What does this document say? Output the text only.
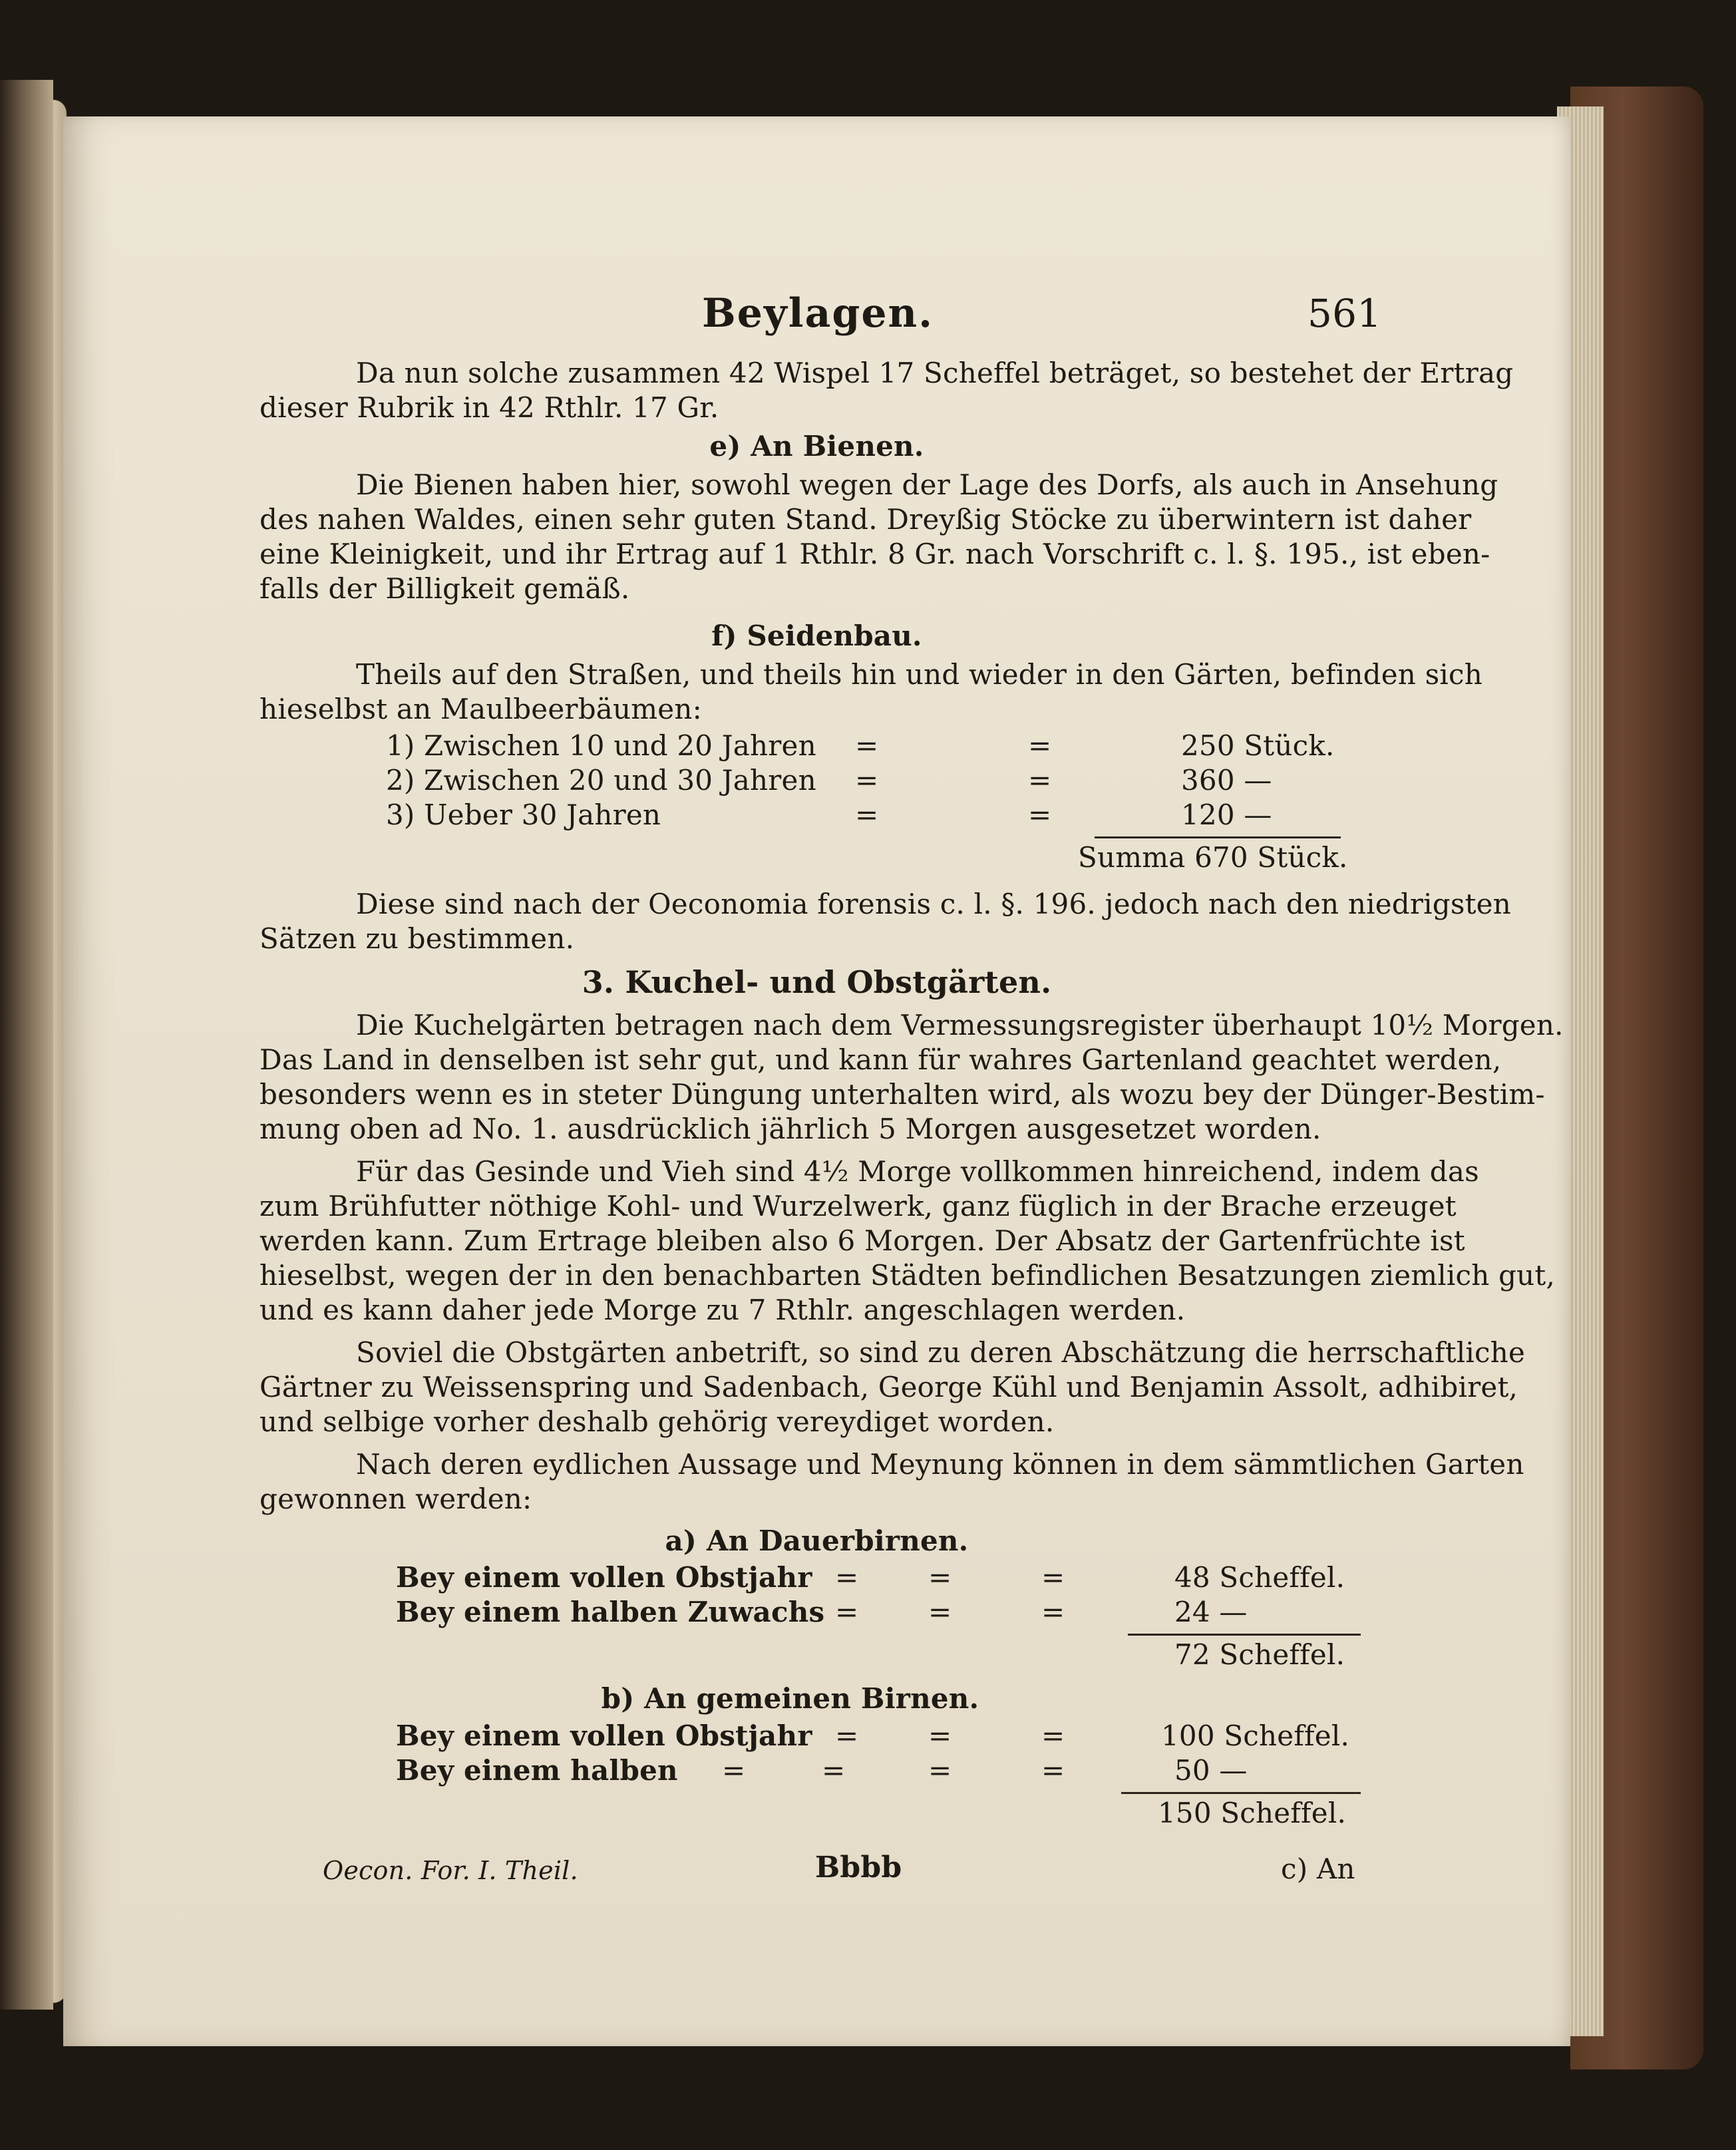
Beylagen.	561
Da nun solche zusammen 42 Wispel 17 Scheffel beträget, so bestehet der Ertrag
dieser Rubrik in 42 Rthlr. 17 Gr.
e) An Bienen.
Die Bienen haben hier, sowohl wegen der Lage des Dorfs, als auch in Ansehung
des nahen Waldes, einen sehr guten Stand. Dreyßig Stöcke zu überwintern ist daher
eine Kleinigkeit, und ihr Ertrag auf 1 Rthlr. 8 Gr. nach Vorschrift c. l. §. 195., ist eben-
falls der Billigkeit gemäß.
f) Seidenbau.
Theils auf den Straßen, und theils hin und wieder in den Gärten, befinden sich
hieselbst an Maulbeerbäumen:
1) Zwischen 10 und 20 Jahren =	=	250 Stück.
2) Zwischen 20 und 30 Jahren =	=	360 —
3) Ueber 30 Jahren	=	=	120 —
Summa 670 Stück.
Diese sind nach der Oeconomia forensis c. l. §. 196. jedoch nach den niedrigsten
Sätzen zu bestimmen.
3. Kuchel- und Obstgärten.
Die Kuchelgärten betragen nach dem Vermessungsregister überhaupt 10½ Morgen.
Das Land in denselben ist sehr gut, und kann für wahres Gartenland geachtet werden,
besonders wenn es in steter Düngung unterhalten wird, als wozu bey der Dünger-Bestim-
mung oben ad No. 1. ausdrücklich jährlich 5 Morgen ausgesetzet worden.
Für das Gesinde und Vieh sind 4½ Morge vollkommen hinreichend, indem das
zum Brühfutter nöthige Kohl- und Wurzelwerk, ganz füglich in der Brache erzeuget
werden kann. Zum Ertrage bleiben also 6 Morgen. Der Absatz der Gartenfrüchte ist
hieselbst, wegen der in den benachbarten Städten befindlichen Besatzungen ziemlich gut,
und es kann daher jede Morge zu 7 Rthlr. angeschlagen werden.
Soviel die Obstgärten anbetrift, so sind zu deren Abschätzung die herrschaftliche
Gärtner zu Weissenspring und Sadenbach, George Kühl und Benjamin Assolt, adhibiret,
und selbige vorher deshalb gehörig vereydiget worden.
Nach deren eydlichen Aussage und Meynung können in dem sämmtlichen Garten
gewonnen werden:
a) An Dauerbirnen.
Bey einem vollen Obstjahr = =	=	48 Scheffel.
Bey einem halben Zuwachs = =	=	24 —
72 Scheffel.
b) An gemeinen Birnen.
Bey einem vollen Obstjahr = =	=	100 Scheffel.
Bey einem halben =	=	=	=	50 —
150 Scheffel.
Oecon. For. I. Theil.	Bbbb	c) An
